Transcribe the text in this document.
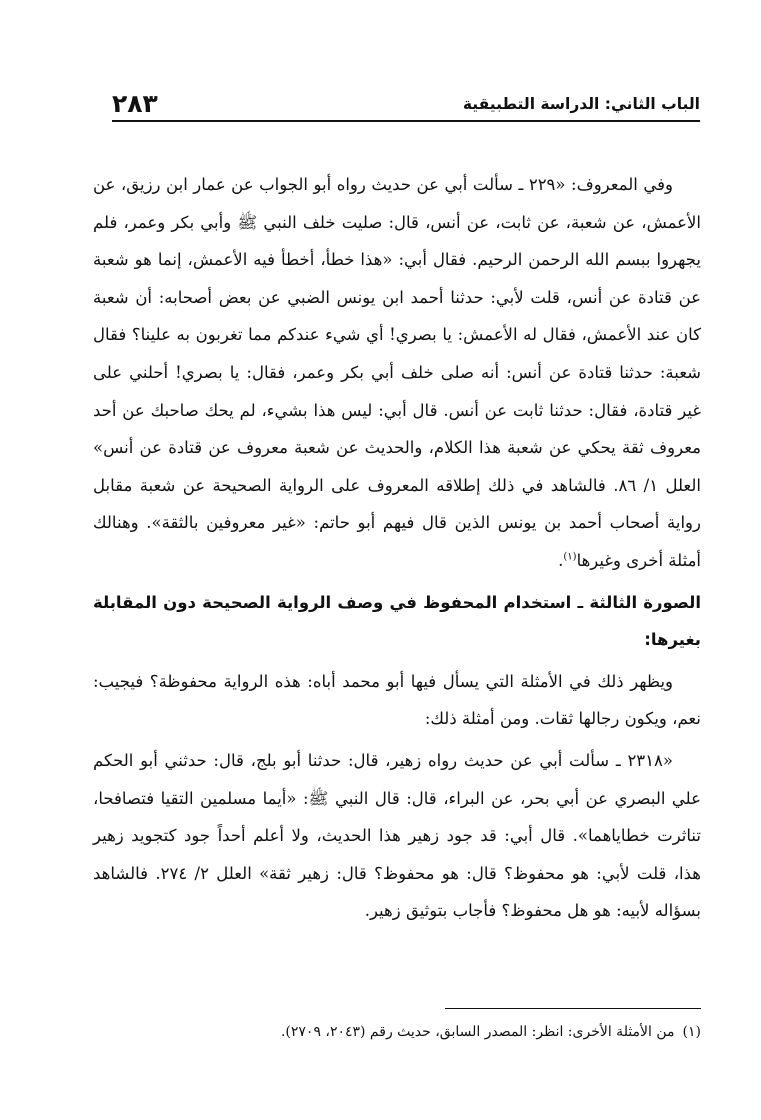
الباب الثاني: الدراسة التطبيقية
٢٨٣

وفي المعروف: «٢٢٩ ـ سألت أبي عن حديث رواه أبو الجواب عن عمار ابن رزيق، عن الأعمش، عن شعبة، عن ثابت، عن أنس، قال: صليت خلف النبي ﷺ وأبي بكر وعمر، فلم يجهروا ببسم الله الرحمن الرحيم. فقال أبي: «هذا خطأ، أخطأ فيه الأعمش، إنما هو شعبة عن قتادة عن أنس، قلت لأبي: حدثنا أحمد ابن يونس الضبي عن بعض أصحابه: أن شعبة كان عند الأعمش، فقال له الأعمش: يا بصري! أي شيء عندكم مما تغربون به علينا؟ فقال شعبة: حدثنا قتادة عن أنس: أنه صلى خلف أبي بكر وعمر، فقال: يا بصري! أحلني على غير قتادة، فقال: حدثنا ثابت عن أنس. قال أبي: ليس هذا بشيء، لم يحك صاحبك عن أحد معروف ثقة يحكي عن شعبة هذا الكلام، والحديث عن شعبة معروف عن قتادة عن أنس» العلل ١/ ٨٦. فالشاهد في ذلك إطلاقه المعروف على الرواية الصحيحة عن شعبة مقابل رواية أصحاب أحمد بن يونس الذين قال فيهم أبو حاتم: «غير معروفين بالثقة». وهنالك أمثلة أخرى وغيرها$^{(١)}$.

الصورة الثالثة ـ استخدام المحفوظ في وصف الرواية الصحيحة دون المقابلة بغيرها:

ويظهر ذلك في الأمثلة التي يسأل فيها أبو محمد أباه: هذه الرواية محفوظة؟ فيجيب: نعم، ويكون رجالها ثقات. ومن أمثلة ذلك:

«٢٣١٨ ـ سألت أبي عن حديث رواه زهير، قال: حدثنا أبو بلج، قال: حدثني أبو الحكم علي البصري عن أبي بحر، عن البراء، قال: قال النبي ﷺ: «أيما مسلمين التقيا فتصافحا، تناثرت خطاياهما». قال أبي: قد جود زهير هذا الحديث، ولا أعلم أحداً جود كتجويد زهير هذا، قلت لأبي: هو محفوظ؟ قال: هو محفوظ؟ قال: زهير ثقة» العلل ٢/ ٢٧٤. فالشاهد بسؤاله لأبيه: هو هل محفوظ؟ فأجاب بتوثيق زهير.

(١)من الأمثلة الأخرى: انظر: المصدر السابق، حديث رقم (٢٠٤٣، ٢٧٠٩).
